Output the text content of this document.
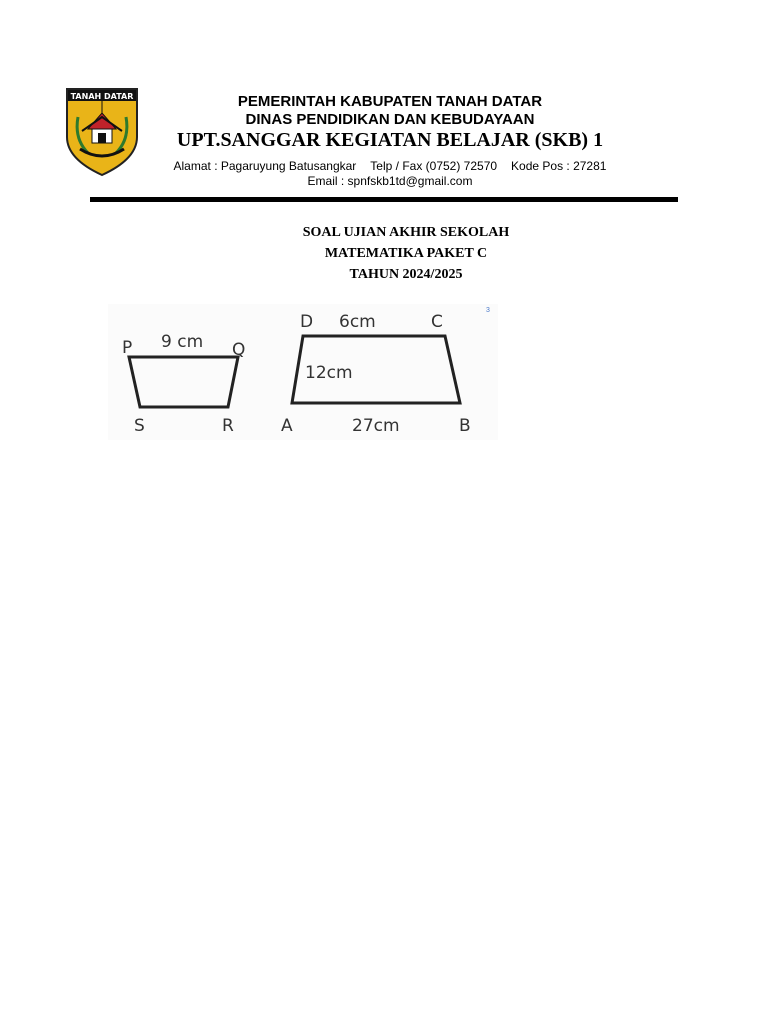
TANAH DATAR	PEMERINTAH KABUPATEN TANAH DATAR
DINAS PENDIDIKAN DAN KEBUDAYAAN
UPT.SANGGAR KEGIATAN BELAJAR (SKB) 1
Alamat : Pagaruyung Batusangkar Telp / Fax (0752) 72570 Kode Pos : 27281
Email : spnfskb1td@gmail.com
SOAL UJIAN AKHIR SEKOLAH
MATEMATIKA PAKET C
TAHUN 2024/2025
P	Q
9 cm
S	R
D 6cm	C
12cm
A	27cm	B
3
